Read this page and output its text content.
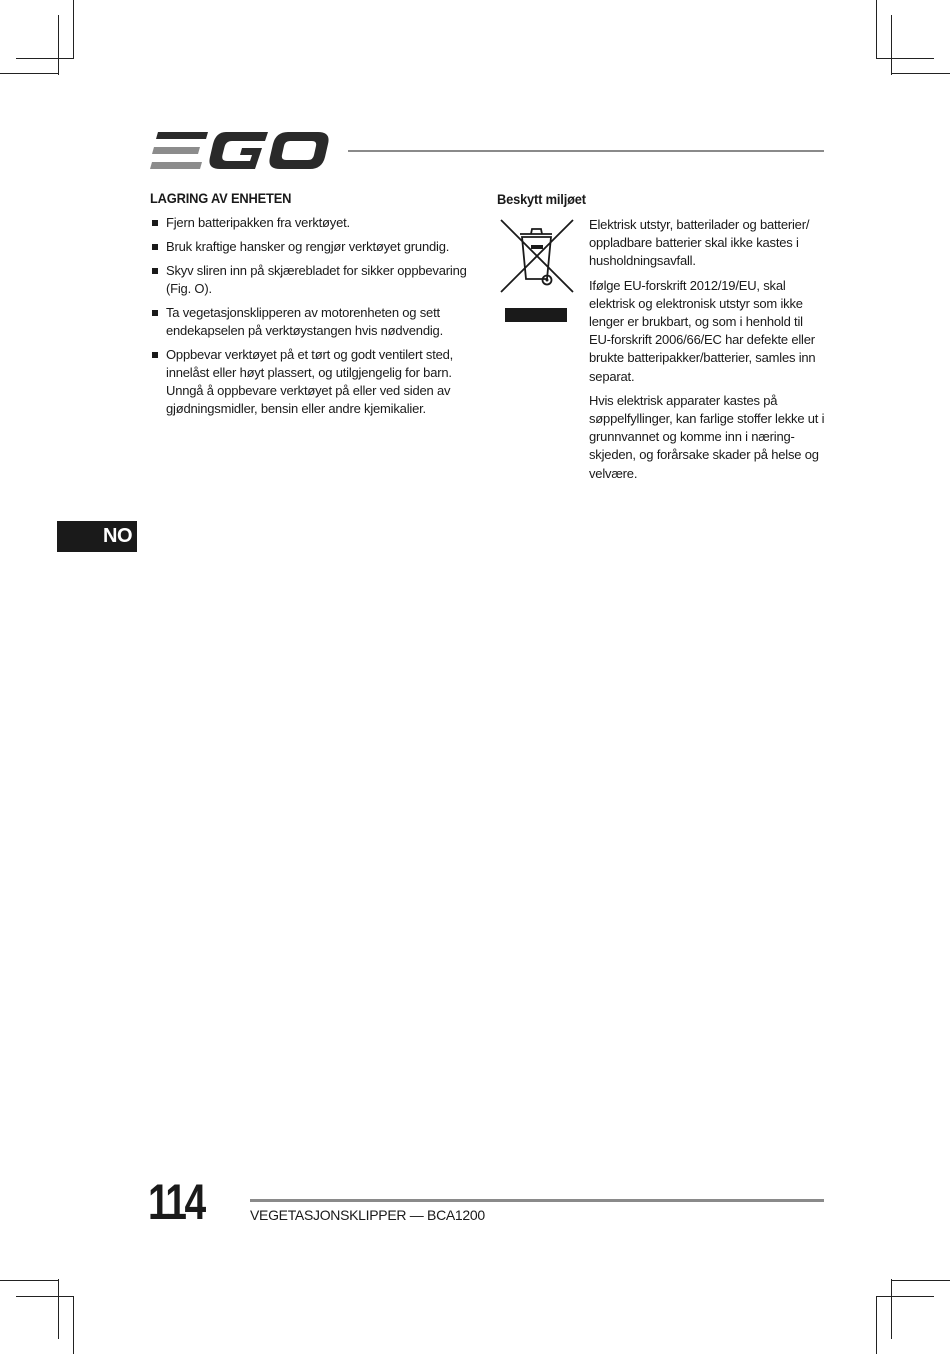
LAGRING AV ENHETEN
Fjern batteripakken fra verktøyet.
Bruk kraftige hansker og rengjør verktøyet grundig.
Skyv sliren inn på skjærebladet for sikker oppbevaring (Fig. O).
Ta vegetasjonsklipperen av motorenheten og sett endekapselen på verktøystangen hvis nødvendig.
Oppbevar verktøyet på et tørt og godt ventilert sted, innelåst eller høyt plassert, og utilgjengelig for barn. Unngå å oppbevare verktøyet på eller ved siden av gjødningsmidler, bensin eller andre kjemikalier.
Beskytt miljøet

Elektrisk utstyr, batterilader og batterier/ oppladbare batterier skal ikke kastes i husholdningsavfall.

Ifølge EU-forskrift 2012/19/EU, skal elektrisk og elektronisk utstyr som ikke lenger er brukbart, og som i henhold til EU-forskrift 2006/66/EC har defekte eller brukte batteripakker/batterier, samles inn separat.

Hvis elektrisk apparater kastes på søppelfyllinger, kan farlige stoffer lekke ut i grunnvannet og komme inn i næring-skjeden, og forårsake skader på helse og velvære.

NO
114	VEGETASJONSKLIPPER — BCA1200
